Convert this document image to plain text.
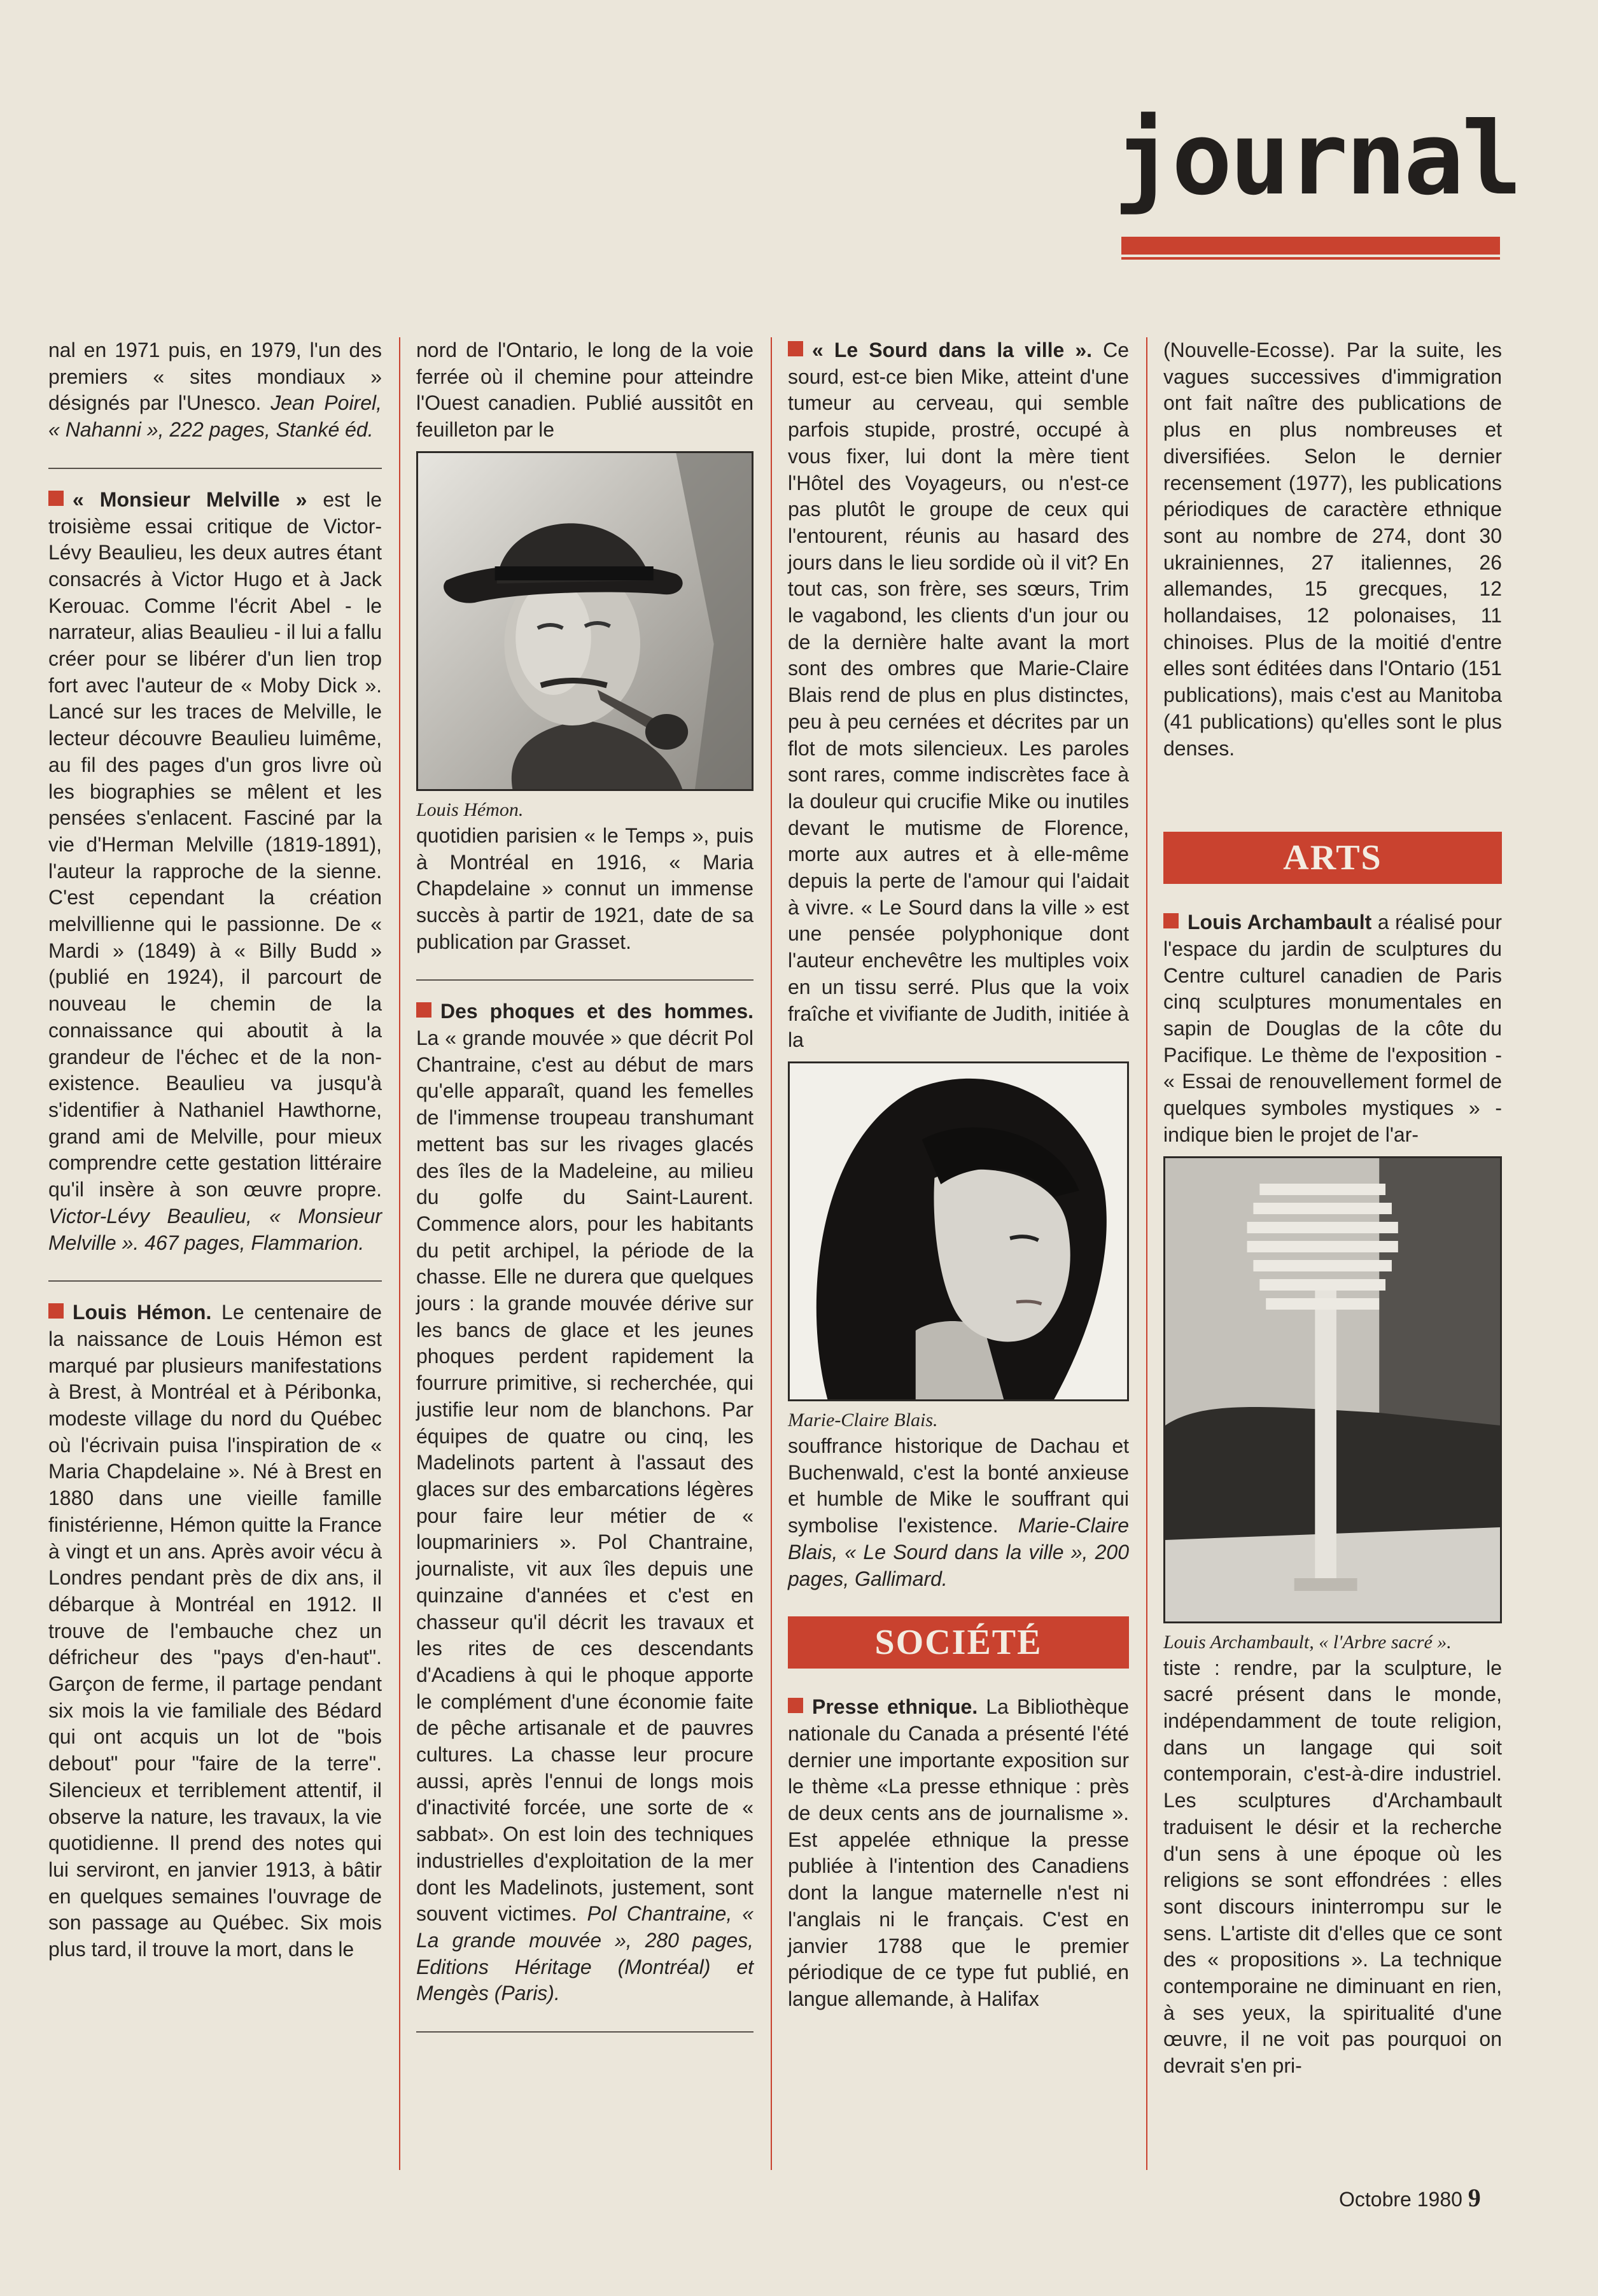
journal

nal en 1971 puis, en 1979, l'un des premiers « sites mondiaux » désignés par l'Unesco. Jean Poirel, « Nahanni », 222 pages, Stanké éd.

« Monsieur Melville » est le troisième essai critique de Victor-Lévy Beaulieu, les deux autres étant consacrés à Victor Hugo et à Jack Kerouac. Comme l'écrit Abel - le narrateur, alias Beaulieu - il lui a fallu créer pour se libérer d'un lien trop fort avec l'auteur de « Moby Dick ». Lancé sur les traces de Melville, le lecteur découvre Beaulieu luimême, au fil des pages d'un gros livre où les biographies se mêlent et les pensées s'enlacent. Fasciné par la vie d'Herman Melville (1819-1891), l'auteur la rapproche de la sienne. C'est cependant la création melvillienne qui le passionne. De « Mardi » (1849) à « Billy Budd » (publié en 1924), il parcourt de nouveau le chemin de la connaissance qui aboutit à la grandeur de l'échec et de la non-existence. Beaulieu va jusqu'à s'identifier à Nathaniel Hawthorne, grand ami de Melville, pour mieux comprendre cette gestation littéraire qu'il insère à son œuvre propre. Victor-Lévy Beaulieu, « Monsieur Melville ». 467 pages, Flammarion.

Louis Hémon. Le centenaire de la naissance de Louis Hémon est marqué par plusieurs manifestations à Brest, à Montréal et à Péribonka, modeste village du nord du Québec où l'écrivain puisa l'inspiration de « Maria Chapdelaine ». Né à Brest en 1880 dans une vieille famille finistérienne, Hémon quitte la France à vingt et un ans. Après avoir vécu à Londres pendant près de dix ans, il débarque à Montréal en 1912. Il trouve de l'embauche chez un défricheur des "pays d'en-haut". Garçon de ferme, il partage pendant six mois la vie familiale des Bédard qui ont acquis un lot de "bois debout" pour "faire de la terre". Silencieux et terriblement attentif, il observe la nature, les travaux, la vie quotidienne. Il prend des notes qui lui serviront, en janvier 1913, à bâtir en quelques semaines l'ouvrage de son passage au Québec. Six mois plus tard, il trouve la mort, dans le

nord de l'Ontario, le long de la voie ferrée où il chemine pour atteindre l'Ouest canadien. Publié aussitôt en feuilleton par le

Louis Hémon.

quotidien parisien « le Temps », puis à Montréal en 1916, « Maria Chapdelaine » connut un immense succès à partir de 1921, date de sa publication par Grasset.

Des phoques et des hommes. La « grande mouvée » que décrit Pol Chantraine, c'est au début de mars qu'elle apparaît, quand les femelles de l'immense troupeau transhumant mettent bas sur les rivages glacés des îles de la Madeleine, au milieu du golfe du Saint-Laurent. Commence alors, pour les habitants du petit archipel, la période de la chasse. Elle ne durera que quelques jours : la grande mouvée dérive sur les bancs de glace et les jeunes phoques perdent rapidement la fourrure primitive, si recherchée, qui justifie leur nom de blanchons. Par équipes de quatre ou cinq, les Madelinots partent à l'assaut des glaces sur des embarcations légères pour faire leur métier de « loupmariniers ». Pol Chantraine, journaliste, vit aux îles depuis une quinzaine d'années et c'est en chasseur qu'il décrit les travaux et les rites de ces descendants d'Acadiens à qui le phoque apporte le complément d'une économie faite de pêche artisanale et de pauvres cultures. La chasse leur procure aussi, après l'ennui de longs mois d'inactivité forcée, une sorte de « sabbat». On est loin des techniques industrielles d'exploitation de la mer dont les Madelinots, justement, sont souvent victimes. Pol Chantraine, « La grande mouvée », 280 pages, Editions Héritage (Montréal) et Mengès (Paris).

« Le Sourd dans la ville ». Ce sourd, est-ce bien Mike, atteint d'une tumeur au cerveau, qui semble parfois stupide, prostré, occupé à vous fixer, lui dont la mère tient l'Hôtel des Voyageurs, ou n'est-ce pas plutôt le groupe de ceux qui l'entourent, réunis au hasard des jours dans le lieu sordide où il vit? En tout cas, son frère, ses sœurs, Trim le vagabond, les clients d'un jour ou de la dernière halte avant la mort sont des ombres que Marie-Claire Blais rend de plus en plus distinctes, peu à peu cernées et décrites par un flot de mots silencieux. Les paroles sont rares, comme indiscrètes face à la douleur qui crucifie Mike ou inutiles devant le mutisme de Florence, morte aux autres et à elle-même depuis la perte de l'amour qui l'aidait à vivre. « Le Sourd dans la ville » est une pensée polyphonique dont l'auteur enchevêtre les multiples voix en un tissu serré. Plus que la voix fraîche et vivifiante de Judith, initiée à la

Marie-Claire Blais.

souffrance historique de Dachau et Buchenwald, c'est la bonté anxieuse et humble de Mike le souffrant qui symbolise l'existence. Marie-Claire Blais, « Le Sourd dans la ville », 200 pages, Gallimard.

SOCIÉTÉ

Presse ethnique. La Bibliothèque nationale du Canada a présenté l'été dernier une importante exposition sur le thème «La presse ethnique : près de deux cents ans de journalisme ». Est appelée ethnique la presse publiée à l'intention des Canadiens dont la langue maternelle n'est ni l'anglais ni le français. C'est en janvier 1788 que le premier périodique de ce type fut publié, en langue allemande, à Halifax

(Nouvelle-Ecosse). Par la suite, les vagues successives d'immigration ont fait naître des publications de plus en plus nombreuses et diversifiées. Selon le dernier recensement (1977), les publications périodiques de caractère ethnique sont au nombre de 274, dont 30 ukrainiennes, 27 italiennes, 26 allemandes, 15 grecques, 12 hollandaises, 12 polonaises, 11 chinoises. Plus de la moitié d'entre elles sont éditées dans l'Ontario (151 publications), mais c'est au Manitoba (41 publications) qu'elles sont le plus denses.

ARTS

Louis Archambault a réalisé pour l'espace du jardin de sculptures du Centre culturel canadien de Paris cinq sculptures monumentales en sapin de Douglas de la côte du Pacifique. Le thème de l'exposition - « Essai de renouvellement formel de quelques symboles mystiques » - indique bien le projet de l'ar-

Louis Archambault, « l'Arbre sacré ».

tiste : rendre, par la sculpture, le sacré présent dans le monde, indépendamment de toute religion, dans un langage qui soit contemporain, c'est-à-dire industriel. Les sculptures d'Archambault traduisent le désir et la recherche d'un sens à une époque où les religions se sont effondrées : elles sont discours ininterrompu sur le sens. L'artiste dit d'elles que ce sont des « propositions ». La technique contemporaine ne diminuant en rien, à ses yeux, la spiritualité d'une œuvre, il ne voit pas pourquoi on devrait s'en pri-

Octobre 1980 9
